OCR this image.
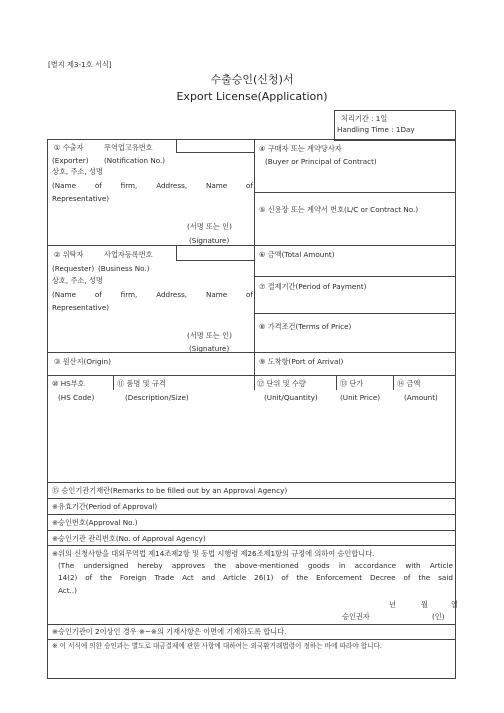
[별지 제3-1호 서식]
수출승인(신청)서
Export License(Application)
처리기간 : 1일
Handling Time : 1Day
① 수출자	무역업고유번호
(Exporter) (Notification No.)
상호, 주소, 성명
(Name	of	firm,	Address,	Name	of
Representative)
(서명 또는 인)
(Signature)
④ 구매자 또는 계약당사자
(Buyer or Principal of Contract)
⑤ 신용장 또는 계약서 번호(L/C or Contract No.)
② 위탁자	사업자등록번호
(Requester) (Business No.)
상호, 주소, 성명
(Name	of	firm,	Address,	Name	of
Representative)
(서명 또는 인)
(Signature)
⑥ 금액(Total Amount)
⑦ 결제기간(Period of Payment)
⑧ 가격조건(Terms of Price)
③ 원산지(Origin)	⑨ 도착항(Port of Arrival)
⑩ HS부호
(HS Code)
⑪ 품명 및 규격
(Description/Size)
⑫ 단위 및 수량
(Unit/Quantity)
⑬ 단가
(Unit Price)
⑭ 금액
(Amount)
⑮ 승인기관기재란(Remarks to be filled out by an Approval Agency)
※유효기간(Period of Approval)
※승인번호(Approval No.)
※승인기관 관리번호(No. of Approval Agency)
※위의 신청사항을 대외무역법 제14조제2항 및 동법 시행령 제26조제1항의 규정에 의하여 승인합니다.
(The undersigned hereby approves the above-mentioned goods in accordance with Article
14(2) of the Foreign Trade Act and Article 26(1) of the Enforcement Decree of the said
Act..)
년	월	일
승인권자	(인)
※승인기관이 2이상인 경우 ※~※의 기재사항은 이면에 기재하도록 합니다.
※ 이 서식에 의한 승인과는 별도로 대금결제에 관한 사항에 대하여는 외국환거래법령이 정하는 바에 따라야 합니다.
